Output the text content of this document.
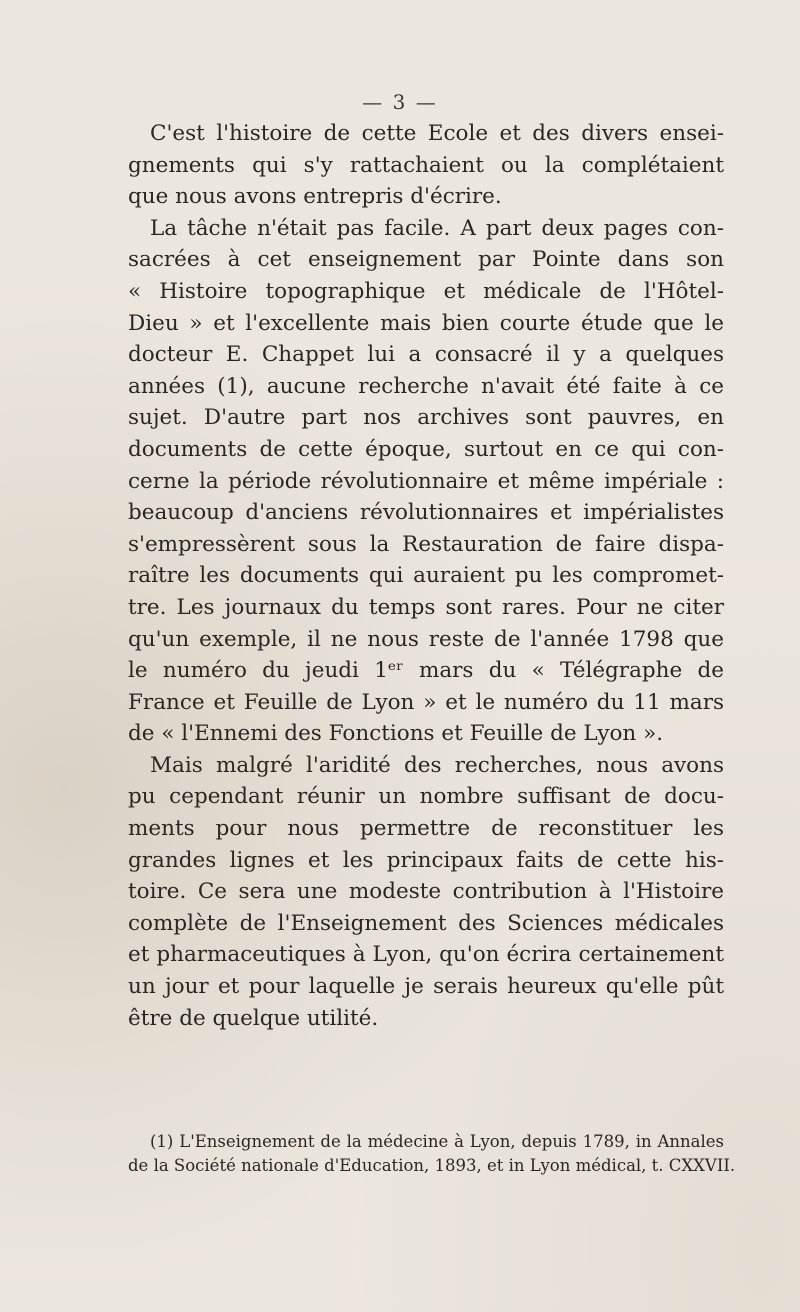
— 3 —
C'est l'histoire de cette Ecole et des divers ensei-
gnements qui s'y rattachaient ou la complétaient
que nous avons entrepris d'écrire.
La tâche n'était pas facile. A part deux pages con-
sacrées à cet enseignement par Pointe dans son
« Histoire topographique et médicale de l'Hôtel-
Dieu » et l'excellente mais bien courte étude que le
docteur E. Chappet lui a consacré il y a quelques
années (1), aucune recherche n'avait été faite à ce
sujet. D'autre part nos archives sont pauvres, en
documents de cette époque, surtout en ce qui con-
cerne la période révolutionnaire et même impériale :
beaucoup d'anciens révolutionnaires et impérialistes
s'empressèrent sous la Restauration de faire dispa-
raître les documents qui auraient pu les compromet-
tre. Les journaux du temps sont rares. Pour ne citer
qu'un exemple, il ne nous reste de l'année 1798 que
le numéro du jeudi 1ᵉʳ mars du « Télégraphe de
France et Feuille de Lyon » et le numéro du 11 mars
de « l'Ennemi des Fonctions et Feuille de Lyon ».
Mais malgré l'aridité des recherches, nous avons
pu cependant réunir un nombre suffisant de docu-
ments pour nous permettre de reconstituer les
grandes lignes et les principaux faits de cette his-
toire. Ce sera une modeste contribution à l'Histoire
complète de l'Enseignement des Sciences médicales
et pharmaceutiques à Lyon, qu'on écrira certainement
un jour et pour laquelle je serais heureux qu'elle pût
être de quelque utilité.
(1) L'Enseignement de la médecine à Lyon, depuis 1789, in Annales
de la Société nationale d'Education, 1893, et in Lyon médical, t. CXXVII.
